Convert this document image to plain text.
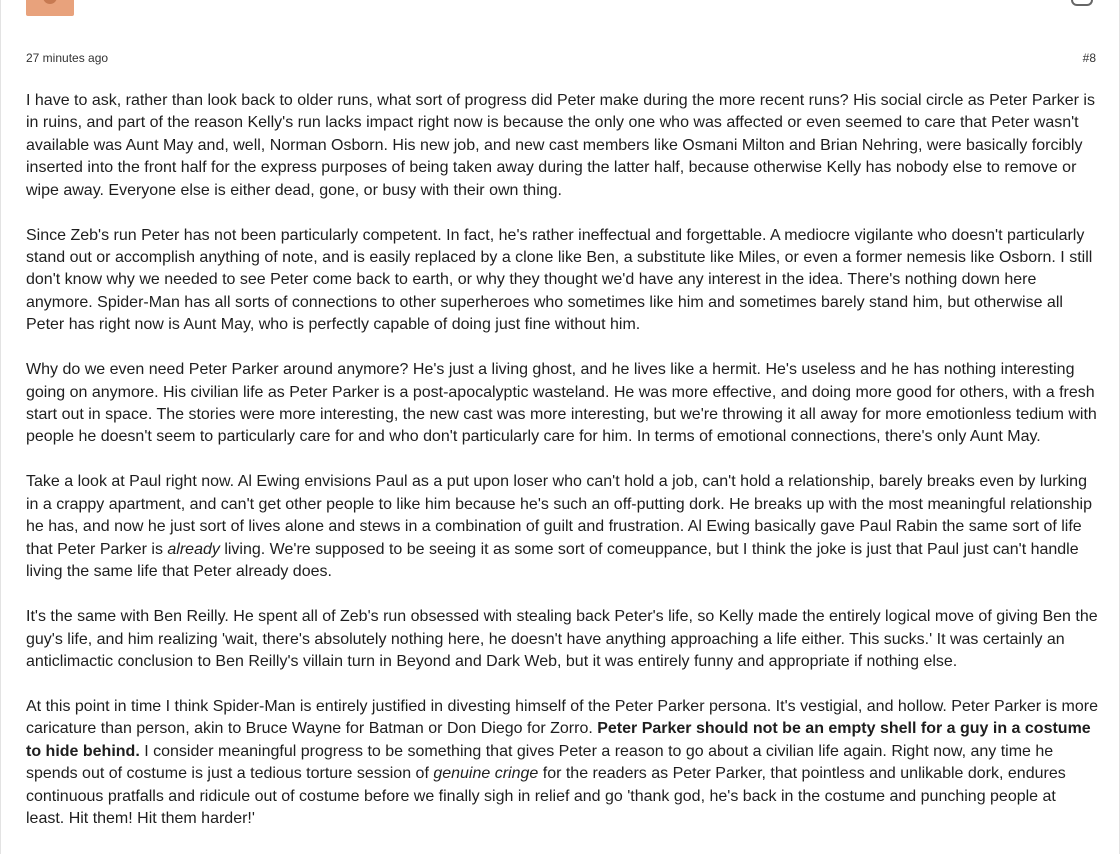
27 minutes ago	#8

I have to ask, rather than look back to older runs, what sort of progress did Peter make during the more recent runs? His social circle as Peter Parker is in ruins, and part of the reason Kelly's run lacks impact right now is because the only one who was affected or even seemed to care that Peter wasn't available was Aunt May and, well, Norman Osborn. His new job, and new cast members like Osmani Milton and Brian Nehring, were basically forcibly inserted into the front half for the express purposes of being taken away during the latter half, because otherwise Kelly has nobody else to remove or wipe away. Everyone else is either dead, gone, or busy with their own thing.

Since Zeb's run Peter has not been particularly competent. In fact, he's rather ineffectual and forgettable. A mediocre vigilante who doesn't particularly stand out or accomplish anything of note, and is easily replaced by a clone like Ben, a substitute like Miles, or even a former nemesis like Osborn. I still don't know why we needed to see Peter come back to earth, or why they thought we'd have any interest in the idea. There's nothing down here anymore. Spider-Man has all sorts of connections to other superheroes who sometimes like him and sometimes barely stand him, but otherwise all Peter has right now is Aunt May, who is perfectly capable of doing just fine without him.

Why do we even need Peter Parker around anymore? He's just a living ghost, and he lives like a hermit. He's useless and he has nothing interesting going on anymore. His civilian life as Peter Parker is a post-apocalyptic wasteland. He was more effective, and doing more good for others, with a fresh start out in space. The stories were more interesting, the new cast was more interesting, but we're throwing it all away for more emotionless tedium with people he doesn't seem to particularly care for and who don't particularly care for him. In terms of emotional connections, there's only Aunt May.

Take a look at Paul right now. Al Ewing envisions Paul as a put upon loser who can't hold a job, can't hold a relationship, barely breaks even by lurking in a crappy apartment, and can't get other people to like him because he's such an off-putting dork. He breaks up with the most meaningful relationship he has, and now he just sort of lives alone and stews in a combination of guilt and frustration. Al Ewing basically gave Paul Rabin the same sort of life that Peter Parker is already living. We're supposed to be seeing it as some sort of comeuppance, but I think the joke is just that Paul just can't handle living the same life that Peter already does.

It's the same with Ben Reilly. He spent all of Zeb's run obsessed with stealing back Peter's life, so Kelly made the entirely logical move of giving Ben the guy's life, and him realizing 'wait, there's absolutely nothing here, he doesn't have anything approaching a life either. This sucks.' It was certainly an anticlimactic conclusion to Ben Reilly's villain turn in Beyond and Dark Web, but it was entirely funny and appropriate if nothing else.

At this point in time I think Spider-Man is entirely justified in divesting himself of the Peter Parker persona. It's vestigial, and hollow. Peter Parker is more caricature than person, akin to Bruce Wayne for Batman or Don Diego for Zorro. Peter Parker should not be an empty shell for a guy in a costume to hide behind. I consider meaningful progress to be something that gives Peter a reason to go about a civilian life again. Right now, any time he spends out of costume is just a tedious torture session of genuine cringe for the readers as Peter Parker, that pointless and unlikable dork, endures continuous pratfalls and ridicule out of costume before we finally sigh in relief and go 'thank god, he's back in the costume and punching people at least. Hit them! Hit them harder!'
